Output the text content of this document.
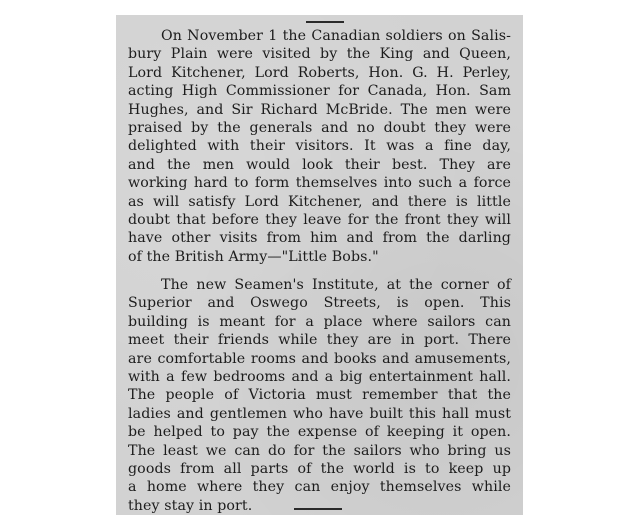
On November 1 the Canadian soldiers on Salis-
bury Plain were visited by the King and Queen,
Lord Kitchener, Lord Roberts, Hon. G. H. Perley,
acting High Commissioner for Canada, Hon. Sam
Hughes, and Sir Richard McBride. The men were
praised by the generals and no doubt they were
delighted with their visitors. It was a fine day,
and the men would look their best. They are
working hard to form themselves into such a force
as will satisfy Lord Kitchener, and there is little
doubt that before they leave for the front they will
have other visits from him and from the darling
of the British Army—"Little Bobs."
The new Seamen's Institute, at the corner of
Superior and Oswego Streets, is open. This
building is meant for a place where sailors can
meet their friends while they are in port. There
are comfortable rooms and books and amusements,
with a few bedrooms and a big entertainment hall.
The people of Victoria must remember that the
ladies and gentlemen who have built this hall must
be helped to pay the expense of keeping it open.
The least we can do for the sailors who bring us
goods from all parts of the world is to keep up
a home where they can enjoy themselves while
they stay in port.
